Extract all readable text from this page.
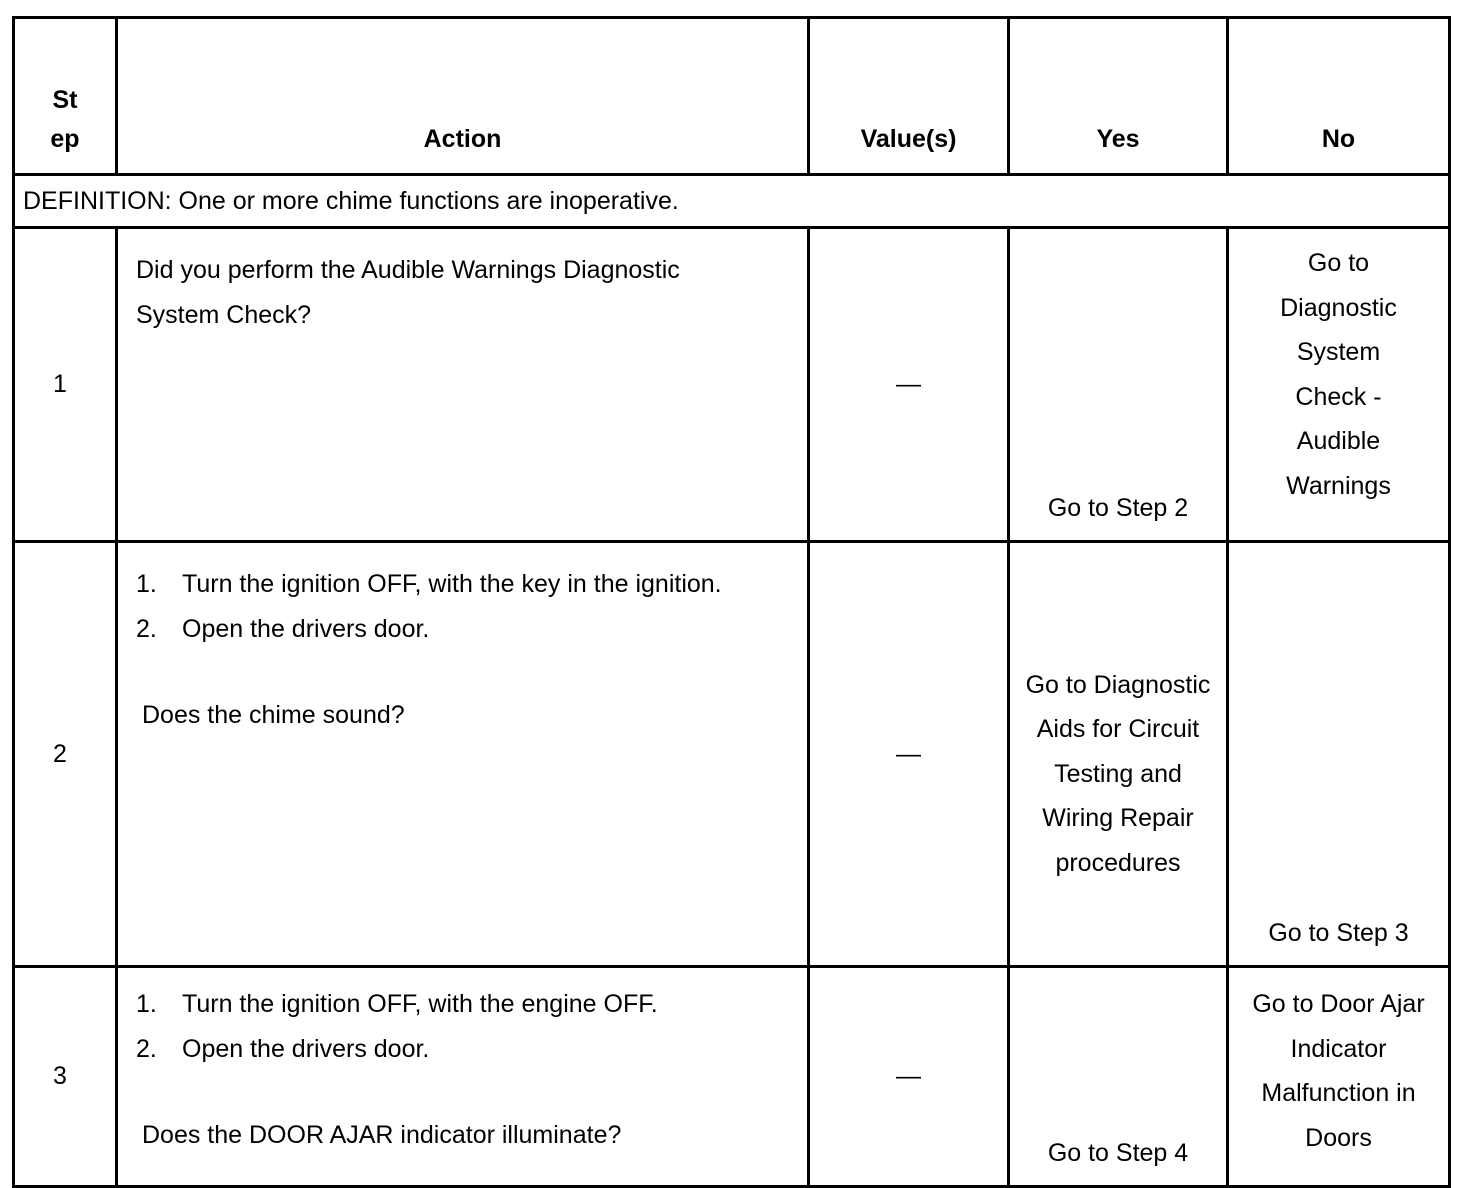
St
ep	Action	Value(s)	Yes	No
DEFINITION: One or more chime functions are inoperative.				
1	Did you perform the Audible Warnings Diagnostic System Check?	—	Go to Step 2	Go to Diagnostic System Check - Audible Warnings

2	1. Turn the ignition OFF, with the key in the ignition.
2. Open the drivers door.
Does the chime sound?	—	Go to Diagnostic Aids for Circuit Testing and Wiring Repair procedures	Go to Step 3
3	1. Turn the ignition OFF, with the engine OFF.
2. Open the drivers door.
Does the DOOR AJAR indicator illuminate?	—	Go to Step 4	Go to Door Ajar Indicator Malfunction in Doors
